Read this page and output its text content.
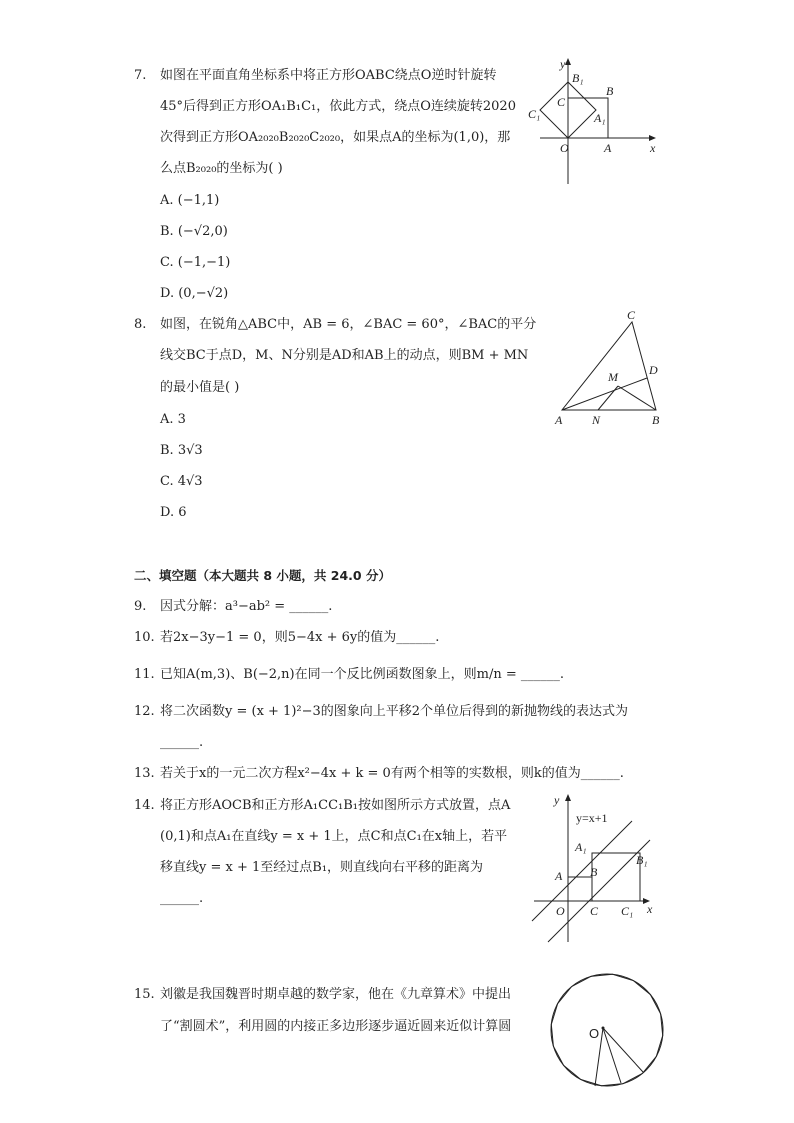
7. 如图在平面直角坐标系中将正方形OABC绕点O逆时针旋转
45°后得到正方形OA₁B₁C₁，依此方式，绕点O连续旋转2020
次得到正方形OA₂₀₂₀B₂₀₂₀C₂₀₂₀，如果点A的坐标为(1,0)，那
么点B₂₀₂₀的坐标为( )
A. (−1,1)
B. (−√2,0)
C. (−1,−1)
D. (0,−√2)
y
B₁
B
C
C₁	A₁
O	A	x
8. 如图，在锐角△ABC中，AB = 6，∠BAC = 60°，∠BAC的平分
线交BC于点D，M、N分别是AD和AB上的动点，则BM + MN
的最小值是( )
A. 3
B. 3√3
C. 4√3
D. 6
C
M	D
A N	B
二、填空题（本大题共 8 小题，共 24.0 分）
9. 因式分解：a³−ab² = ______.
10. 若2x−3y−1 = 0，则5−4x + 6y的值为______.
11. 已知A(m,3)、B(−2,n)在同一个反比例函数图象上，则m/n = ______.
12. 将二次函数y = (x + 1)²−3的图象向上平移2个单位后得到的新抛物线的表达式为
______.
13. 若关于x的一元二次方程x²−4x + k = 0有两个相等的实数根，则k的值为______.
14. 将正方形AOCB和正方形A₁CC₁B₁按如图所示方式放置，点A
(0,1)和点A₁在直线y = x + 1上，点C和点C₁在x轴上，若平
移直线y = x + 1至经过点B₁，则直线向右平移的距离为
______.
y
y=x+1
A₁
B₁
A B
O C C₁ x
15. 刘徽是我国魏晋时期卓越的数学家，他在《九章算术》中提出
了“割圆术”，利用圆的内接正多边形逐步逼近圆来近似计算圆	O
